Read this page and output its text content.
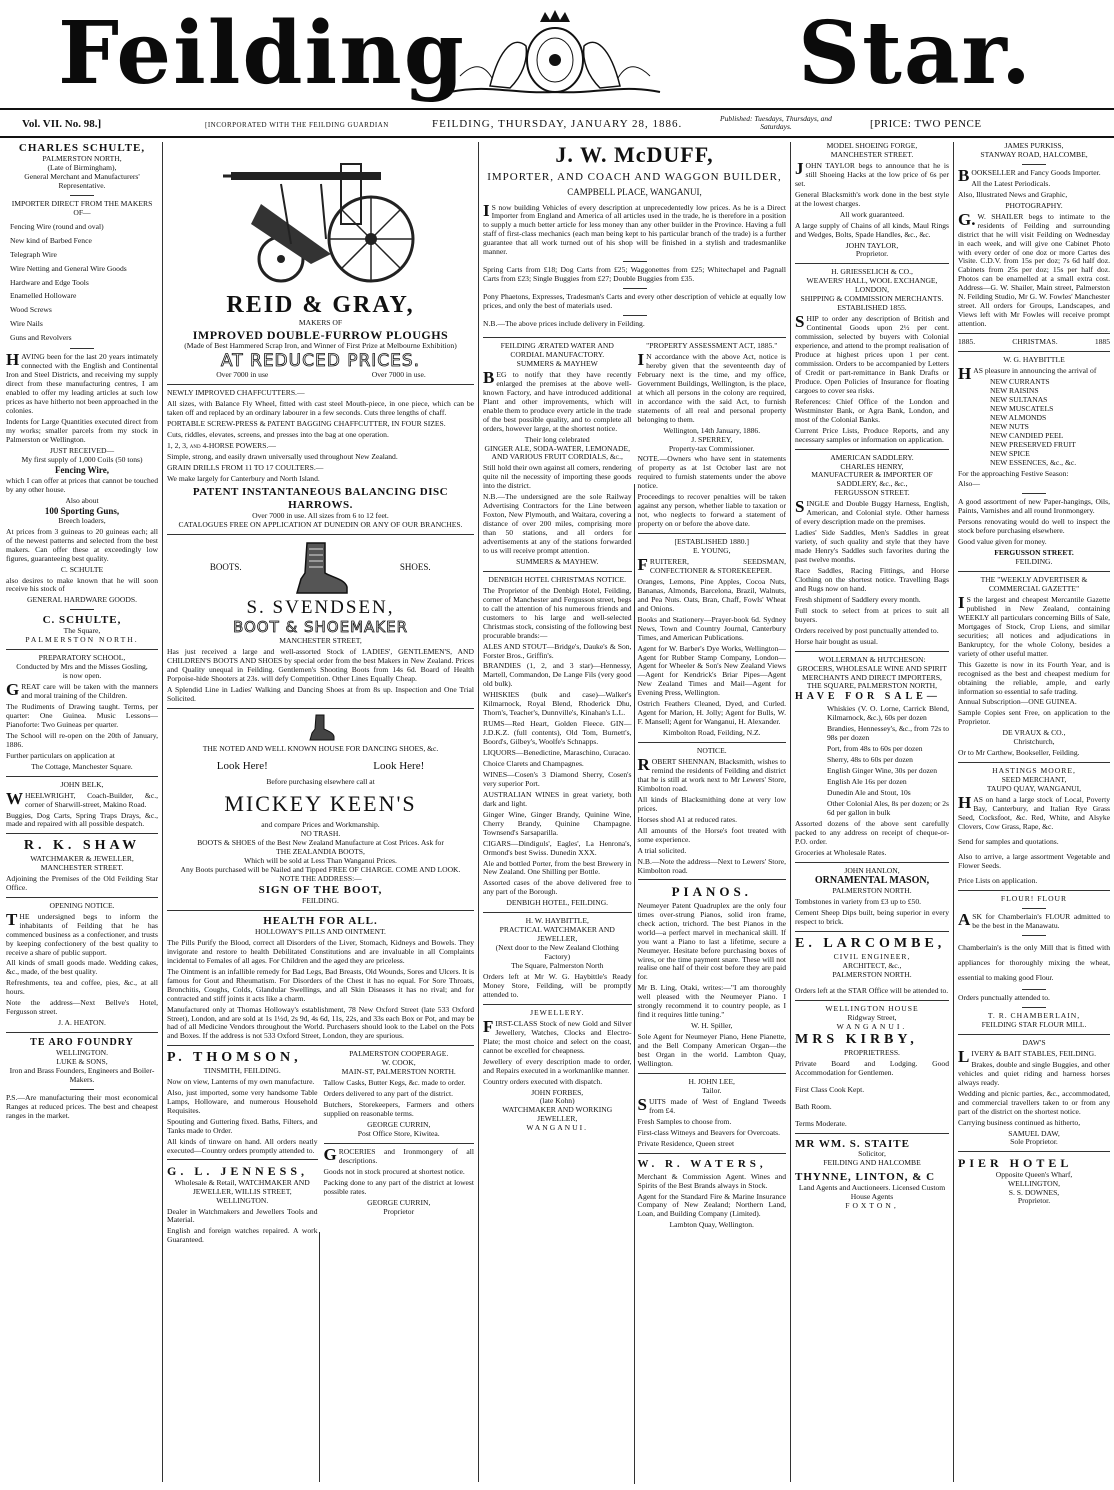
Feilding	Star.
Vol. VII. No. 98.]	[INCORPORATED WITH THE FEILDING GUARDIAN	FEILDING, THURSDAY, JANUARY 28, 1886.	Published: Tuesdays, Thursdays, and Saturdays.	[PRICE: TWO PENCE
CHARLES SCHULTE,
PALMERSTON NORTH,
(Late of Birmingham),
General Merchant and Manufacturers' Representative.
IMPORTER DIRECT FROM THE MAKERS OF—
Fencing Wire (round and oval)
New kind of Barbed Fence
Telegraph Wire
Wire Netting and General Wire Goods
Hardware and Edge Tools
Enamelled Holloware
Wood Screws
Wire Nails
Guns and Revolvers

HAVING been for the last 20 years intimately connected with the English and Continental Iron and Steel Districts, and receiving my supply direct from these manufacturing centres, I am enabled to offer my leading articles at such low prices as have hitherto not been approached in the colonies.

Indents for Large Quantities executed direct from my works; smaller parcels from my stock in Palmerston or Wellington.

JUST RECEIVED—
My first supply of 1,000 Coils (50 tons)
Fencing Wire,

which I can offer at prices that cannot be touched by any other house.

Also about
100 Sporting Guns,
Breech loaders,

At prices from 3 guineas to 20 guineas each; all of the newest patterns and selected from the best makers. Can offer these at exceedingly low figures, guaranteeing best quality.

C. SCHULTE

also desires to make known that he will soon receive his stock of

GENERAL HARDWARE GOODS.
C. SCHULTE,
The Square,
PALMERSTON NORTH.
PREPARATORY SCHOOL,
Conducted by Mrs and the Misses Gosling,
is now open.

GREAT care will be taken with the manners and moral training of the Children.

The Rudiments of Drawing taught. Terms, per quarter: One Guinea. Music Lessons—Pianoforte: Two Guineas per quarter.

The School will re-open on the 20th of January, 1886.

Further particulars on application at

The Cottage, Manchester Square.
JOHN BELK,

WHEELWRIGHT, Coach-Builder, &c., corner of Sharwill-street, Makino Road.

Buggies, Dog Carts, Spring Traps Drays, &c., made and repaired with all possible despatch.

R. K. SHAW
WATCHMAKER & JEWELLER,
MANCHESTER STREET.

Adjoining the Premises of the Old Feilding Star Office.

OPENING NOTICE.

THE undersigned begs to inform the inhabitants of Feilding that he has commenced business as a confectioner, and trusts by keeping confectionery of the best quality to receive a share of public support.

All kinds of small goods made. Wedding cakes, &c., made, of the best quality.

Refreshments, tea and coffee, pies, &c., at all hours.

Note the address—Next Bellve's Hotel, Fergusson street.

J. A. HEATON.
TE ARO FOUNDRY
WELLINGTON.
LUKE & SONS,
Iron and Brass Founders, Engineers and Boiler-Makers.

P.S.—Are manufacturing their most economical Ranges at reduced prices. The best and cheapest ranges in the market.

REID & GRAY,
MAKERS OF
IMPROVED DOUBLE-FURROW PLOUGHS
(Made of Best Hammered Scrap Iron, and Winner of First Prize at Melbourne Exhibition)
AT REDUCED PRICES.
Over 7000 in use	Over 7000 in use.
NEWLY IMPROVED CHAFFCUTTERS.—

All sizes, with Balance Fly Wheel, fitted with cast steel Mouth-piece, in one piece, which can be taken off and replaced by an ordinary labourer in a few seconds. Cuts three lengths of chaff.

PORTABLE SCREW-PRESS & PATENT BAGGING CHAFFCUTTER, IN FOUR SIZES.

Cuts, riddles, elevates, screens, and presses into the bag at one operation.

1, 2, 3, and 4-HORSE POWERS.—

Simple, strong, and easily drawn universally used throughout New Zealand.

GRAIN DRILLS FROM 11 TO 17 COULTERS.—

We make largely for Canterbury and North Island.

PATENT INSTANTANEOUS BALANCING DISC HARROWS.
Over 7000 in use. All sizes from 6 to 12 feet.
CATALOGUES FREE ON APPLICATION AT DUNEDIN OR ANY OF OUR BRANCHES.
BOOTS.	SHOES.
S. SVENDSEN,
BOOT & SHOEMAKER
MANCHESTER STREET,

Has just received a large and well-assorted Stock of LADIES', GENTLEMEN'S, AND CHILDREN'S BOOTS AND SHOES by special order from the best Makers in New Zealand. Prices and Quality unequal in Feilding. Gentlemen's Shooting Boots from 14s 6d. Board of Health Porpoise-hide Shooters at 23s. will defy Competition. Other Lines Equally Cheap.

A Splendid Line in Ladies' Walking and Dancing Shoes at from 8s up. Inspection and One Trial Solicited.

THE NOTED AND WELL KNOWN HOUSE FOR DANCING SHOES, &c.
Look Here!	Look Here!
Before purchasing elsewhere call at
MICKEY KEEN'S
and compare Prices and Workmanship.
NO TRASH.
BOOTS & SHOES of the Best New Zealand Manufacture at Cost Prices. Ask for
THE ZEALANDIA BOOTS,
Which will be sold at Less Than Wanganui Prices.
Any Boots purchased will be Nailed and Tipped FREE OF CHARGE. COME AND LOOK.
NOTE THE ADDRESS:—
SIGN OF THE BOOT,
FEILDING.
HEALTH FOR ALL.
HOLLOWAY'S PILLS AND OINTMENT.

The Pills Purify the Blood, correct all Disorders of the Liver, Stomach, Kidneys and Bowels. They invigorate and restore to health Debilitated Constitutions and are invaluable in all Complaints incidental to Females of all ages. For Children and the aged they are priceless.

The Ointment is an infallible remedy for Bad Legs, Bad Breasts, Old Wounds, Sores and Ulcers. It is famous for Gout and Rheumatism. For Disorders of the Chest it has no equal. For Sore Throats, Bronchitis, Coughs, Colds, Glandular Swellings, and all Skin Diseases it has no rival; and for contracted and stiff joints it acts like a charm.

Manufactured only at Thomas Holloway's establishment, 78 New Oxford Street (late 533 Oxford Street), London, and are sold at 1s 1½d, 2s 9d, 4s 6d, 11s, 22s, and 33s each Box or Pot, and may be had of all Medicine Vendors throughout the World. Purchasers should look to the Label on the Pots and Boxes. If the address is not 533 Oxford Street, London, they are spurious.

P. THOMSON,
TINSMITH, FEILDING.

Now on view, Lanterns of my own manufacture.

Also, just imported, some very handsome Table Lamps, Holloware, and numerous Household Requisites.

Spouting and Guttering fixed. Baths, Filters, and Tanks made to Order.

All kinds of tinware on hand. All orders neatly executed—Country orders promptly attended to.

G. L. JENNESS,
Wholesale & Retail, WATCHMAKER AND JEWELLER, WILLIS STREET, WELLINGTON.

Dealer in Watchmakers and Jewellers Tools and Material.

English and foreign watches repaired. A work Guaranteed.

PALMERSTON COOPERAGE.
W. COOK,
MAIN-ST, PALMERSTON NORTH.

Tallow Casks, Butter Kegs, &c. made to order.

Orders delivered to any part of the district.

Butchers, Storekeepers, Farmers and others supplied on reasonable terms.

GEORGE CURRIN,
Post Office Store, Kiwitea.

GROCERIES and Ironmongery of all descriptions.

Goods not in stock procured at shortest notice.

Packing done to any part of the district at lowest possible rates.

GEORGE CURRIN,
Proprietor
J. W. McDUFF,
IMPORTER, AND COACH AND WAGGON BUILDER,
CAMPBELL PLACE, WANGANUI,

IS now building Vehicles of every description at unprecedentedly low prices. As he is a Direct Importer from England and America of all articles used in the trade, he is therefore in a position to supply a much better article for less money than any other builder in the Province. Having a full staff of first-class mechanics (each man being kept to his particular branch of the trade) is a further guarantee that all work turned out of his shop will be finished in a stylish and tradesmanlike manner.

Spring Carts from £18; Dog Carts from £25; Waggonettes from £25; Whitechapel and Pagnall Carts from £23; Single Buggies from £27; Double Buggies from £35.

Pony Phaetons, Expresses, Tradesman's Carts and every other description of vehicle at equally low prices, and only the best of materials used.

N.B.—The above prices include delivery in Feilding.

FEILDING ÆRATED WATER AND CORDIAL MANUFACTORY.
SUMMERS & MAYHEW

BEG to notify that they have recently enlarged the premises at the above well-known Factory, and have introduced additional Plant and other improvements, which will enable them to produce every article in the trade of the best possible quality, and to complete all orders, however large, at the shortest notice.

Their long celebrated
GINGER ALE, SODA-WATER, LEMONADE, AND VARIOUS FRUIT CORDIALS, &c.,

Still hold their own against all comers, rendering quite nil the necessity of importing these goods into the district.

N.B.—The undersigned are the sole Railway Advertising Contractors for the Line between Foxton, New Plymouth, and Waitara, covering a distance of over 200 miles, comprising more than 50 stations, and all orders for advertisements at any of the stations forwarded to us will receive prompt attention.

SUMMERS & MAYHEW.
DENBIGH HOTEL CHRISTMAS NOTICE.

The Proprietor of the Denbigh Hotel, Feilding, corner of Manchester and Fergusson street, begs to call the attention of his numerous friends and customers to his large and well-selected Christmas stock, consisting of the following best procurable brands:—

ALES AND STOUT—Bridge's, Dauke's & Son, Forster Bros., Griffin's.

BRANDIES (1, 2, and 3 star)—Hennessy, Martell, Commandon, De Lange Fils (very good old bulk).

WHISKIES (bulk and case)—Walker's Kilmarnock, Royal Blend, Rhoderick Dhu, Thorn's, Teacher's, Dunnville's, Kinahan's L.L.

RUMS—Red Heart, Golden Fleece. GIN—J.D.K.Z. (full contents), Old Tom, Burnett's, Boord's, Gilbey's, Woolfe's Schnapps.

LIQUORS—Benedictine, Maraschino, Curacao.

Choice Clarets and Champagnes.

WINES—Cosen's 3 Diamond Sherry, Cosen's very superior Port.

AUSTRALIAN WINES in great variety, both dark and light.

Ginger Wine, Ginger Brandy, Quinine Wine, Cherry Brandy, Quinine Champagne. Townsend's Sarsaparilla.

CIGARS—Dindiguls', Eagles', La Henrona's, Ormond's best Swiss. Dunedin XXX.

Ale and bottled Porter, from the best Brewery in New Zealand. One Shilling per Bottle.

Assorted cases of the above delivered free to any part of the Borough.

DENBIGH HOTEL, FEILDING.
H. W. HAYBITTLE,
PRACTICAL WATCHMAKER AND JEWELLER,
(Next door to the New Zealand Clothing Factory)
The Square, Palmerston North

Orders left at Mr W. G. Haybittle's Ready Money Store, Feilding, will be promptly attended to.

JEWELLERY.

FIRST-CLASS Stock of new Gold and Silver Jewellery, Watches, Clocks and Electro-Plate; the most choice and select on the coast, cannot be excelled for cheapness.

Jewellery of every description made to order, and Repairs executed in a workmanlike manner.

Country orders executed with dispatch.

JOHN FORBES,
(late Kohn)
WATCHMAKER AND WORKING JEWELLER,
WANGANUI.
"PROPERTY ASSESSMENT ACT, 1885."

IN accordance with the above Act, notice is hereby given that the seventeenth day of February next is the time, and my office, Government Buildings, Wellington, is the place, at which all persons in the colony are required, in accordance with the said Act, to furnish statements of all real and personal property belonging to them.

Wellington, 14th January, 1886.
J. SPERREY,
Property-tax Commissioner.

NOTE.—Owners who have sent in statements of property as at 1st October last are not required to furnish statements under the above notice.

Proceedings to recover penalties will be taken against any person, whether liable to taxation or not, who neglects to forward a statement of property on or before the above date.

[ESTABLISHED 1880.]
E. YOUNG,

FRUITERER, SEEDSMAN, CONFECTIONER & STOREKEEPER.

Oranges, Lemons, Pine Apples, Cocoa Nuts, Bananas, Almonds, Barcelona, Brazil, Walnuts, and Pea Nuts. Oats, Bran, Chaff, Fowls' Wheat and Onions.

Books and Stationery—Prayer-book 6d. Sydney News, Town and Country Journal, Canterbury Times, and American Publications.

Agent for W. Barber's Dye Works, Wellington—Agent for Rubber Stamp Company, London—Agent for Wheeler & Son's New Zealand Views—Agent for Kendrick's Briar Pipes—Agent New Zealand Times and Mail—Agent for Evening Press, Wellington.

Ostrich Feathers Cleaned, Dyed, and Curled. Agent for Marion, H. Jolly; Agent for Bulls, W. F. Mansell; Agent for Wanganui, H. Alexander.

Kimbolton Road, Feilding, N.Z.
NOTICE.

ROBERT SHENNAN, Blacksmith, wishes to remind the residents of Feilding and district that he is still at work next to Mr Lewers' Store, Kimbolton road.

All kinds of Blacksmithing done at very low prices.

Horses shod A1 at reduced rates.

All amounts of the Horse's foot treated with some experience.

A trial solicited.

N.B.—Note the address—Next to Lewers' Store, Kimbolton road.

PIANOS.

Neumeyer Patent Quadruplex are the only four times over-strung Pianos, solid iron frame, check action, trichord. The best Pianos in the world—a perfect marvel in mechanical skill. If you want a Piano to last a lifetime, secure a Neumeyer. Hesitate before purchasing boxes of wires, or the time payment snare. These will not realise one half of their cost before they are paid for.

Mr B. Ling, Otaki, writes:—"I am thoroughly well pleased with the Neumeyer Piano. I strongly recommend it to country people, as I find it requires little tuning."

W. H. Spiller,

Sole Agent for Neumeyer Piano, Hene Pianette, and the Bell Company American Organ—the best Organ in the world. Lambton Quay, Wellington.

H. JOHN LEE,
Tailor.

SUITS made of West of England Tweeds from £4.

Fresh Samples to choose from.

First-class Witneys and Beavers for Overcoats.

Private Residence, Queen street

W. R. WATERS,

Merchant & Commission Agent. Wines and Spirits of the Best Brands always in Stock.

Agent for the Standard Fire & Marine Insurance Company of New Zealand; Northern Land, Loan, and Building Company (Limited).

Lambton Quay, Wellington.
MODEL SHOEING FORGE,
MANCHESTER STREET.

JOHN TAYLOR begs to announce that he is still Shoeing Hacks at the low price of 6s per set.

General Blacksmith's work done in the best style at the lowest charges.

All work guaranteed.

A large supply of Chains of all kinds, Maul Rings and Wedges, Bolts, Spade Handles, &c., &c.

JOHN TAYLOR,
Proprietor.
H. GRIESSELICH & CO.,
WEAVERS' HALL, WOOL EXCHANGE, LONDON,
SHIPPING & COMMISSION MERCHANTS. ESTABLISHED 1855.

SHIP to order any description of British and Continental Goods upon 2½ per cent. commission, selected by buyers with Colonial experience, and attend to the prompt realisation of Produce at highest prices upon 1 per cent. commission. Orders to be accompanied by Letters of Credit or part-remittance in Bank Drafts or Produce. Open Policies of Insurance for floating cargoes to cover sea risks.

References: Chief Office of the London and Westminster Bank, or Agra Bank, London, and most of the Colonial Banks.

Current Price Lists, Produce Reports, and any necessary samples or information on application.

AMERICAN SADDLERY.
CHARLES HENRY,
MANUFACTURER & IMPORTER OF SADDLERY, &c., &c.,
FERGUSSON STREET.

SINGLE and Double Buggy Harness, English, American, and Colonial style. Other harness of every description made on the premises.

Ladies' Side Saddles, Men's Saddles in great variety, of such quality and style that they have made Henry's Saddles such favorites during the past twelve months.

Race Saddles, Racing Fittings, and Horse Clothing on the shortest notice. Travelling Bags and Rugs now on hand.

Fresh shipment of Saddlery every month.

Full stock to select from at prices to suit all buyers.

Orders received by post punctually attended to.

Horse hair bought as usual.

WOLLERMAN & HUTCHESON:
GROCERS, WHOLESALE WINE AND SPIRIT MERCHANTS AND DIRECT IMPORTERS,
THE SQUARE, PALMERSTON NORTH,
HAVE FOR SALE—
Whiskies (V. O. Lorne, Carrick Blend, Kilmarnock, &c.), 60s per dozen
Brandies, Hennessey's, &c., from 72s to 98s per dozen
Port, from 48s to 60s per dozen
Sherry, 48s to 60s per dozen
English Ginger Wine, 30s per dozen
English Ale 16s per dozen
Dunedin Ale and Stout, 10s
Other Colonial Ales, 8s per dozen; or 2s 6d per gallon in bulk

Assorted dozens of the above sent carefully packed to any address on receipt of cheque-or-P.O. order.

Groceries at Wholesale Rates.

JOHN HANLON,
ORNAMENTAL MASON,
PALMERSTON NORTH.

Tombstones in variety from £3 up to £50.

Cement Sheep Dips built, being superior in every respect to brick.

E. LARCOMBE,
CIVIL ENGINEER,
ARCHITECT, &c.,
PALMERSTON NORTH.

Orders left at the STAR Office will be attended to.

WELLINGTON HOUSE
Ridgway Street,
WANGANUI.
MRS KIRBY,
PROPRIETRESS.

Private Board and Lodging. Good Accommodation for Gentlemen.

First Class Cook Kept.

Bath Room.

Terms Moderate.

MR WM. S. STAITE
Solicitor,
FEILDING AND HALCOMBE
THYNNE, LINTON, & C
Land Agents and Auctioneers. Licensed Custom House Agents
FOXTON,
JAMES PURKISS,
STANWAY ROAD, HALCOMBE,

BOOKSELLER and Fancy Goods Importer.

All the Latest Periodicals.

Also, Illustrated News and Graphic,

PHOTOGRAPHY.

G.W. SHAILER begs to intimate to the residents of Feilding and surrounding district that he will visit Feilding on Wednesday in each week, and will give one Cabinet Photo with every order of one doz or more Cartes des Visite. C.D.V. from 15s per doz; 7s 6d half doz. Cabinets from 25s per doz; 15s per half doz. Photos can be enamelled at a small extra cost. Address—G. W. Shailer, Main street, Palmerston N. Feilding Studio, Mr G. W. Fowles' Manchester street. All orders for Groups, Landscapes, and Views left with Mr Fowles will receive prompt attention.

1885.	CHRISTMAS.	1885
W. G. HAYBITTLE

HAS pleasure in announcing the arrival of

NEW CURRANTS
NEW RAISINS
NEW SULTANAS
NEW MUSCATELS
NEW ALMONDS
NEW NUTS
NEW CANDIED PEEL
NEW PRESERVED FRUIT
NEW SPICE
NEW ESSENCES, &c., &c.

For the approaching Festive Season:

Also—

A good assortment of new Paper-hangings, Oils, Paints, Varnishes and all round Ironmongery.

Persons renovating would do well to inspect the stock before purchasing elsewhere.

Good value given for money.

FERGUSSON STREET.
FEILDING.
THE "WEEKLY ADVERTISER & COMMERCIAL GAZETTE"

IS the largest and cheapest Mercantile Gazette published in New Zealand, containing WEEKLY all particulars concerning Bills of Sale, Mortgages of Stock, Crop Liens, and similar securities; all notices and adjudications in Bankruptcy, for the whole Colony, besides a variety of other useful matter.

This Gazette is now in its Fourth Year, and is recognised as the best and cheapest medium for obtaining the reliable, ample, and early information so essential to safe trading.

Annual Subscription—ONE GUINEA.

Sample Copies sent Free, on application to the Proprietor.

DE VRAUX & CO.,
Christchurch,

Or to Mr Carthew, Bookseller, Feilding.

HASTINGS MOORE,
SEED MERCHANT,
TAUPO QUAY, WANGANUI,

HAS on hand a large stock of Local, Poverty Bay, Canterbury, and Italian Rye Grass Seed, Cocksfoot, &c. Red, White, and Alsyke Clovers, Cow Grass, Rape, &c.

Send for samples and quotations.

Also to arrive, a large assortment Vegetable and Flower Seeds.

Price Lists on application.

FLOUR! FLOUR

ASK for Chamberlain's FLOUR admitted to be the best in the Manawatu.

Chamberlain's is the only Mill that is fitted with appliances for thoroughly mixing the wheat, essential to making good Flour.

Orders punctually attended to.

T. R. CHAMBERLAIN,
FEILDING STAR FLOUR MILL.
DAW'S

LIVERY & BAIT STABLES, FEILDING.

Brakes, double and single Buggies, and other vehicles and quiet riding and harness horses always ready.

Wedding and picnic parties, &c., accommodated, and commercial travellers taken to or from any part of the district on the shortest notice.

Carrying business continued as hitherto,

SAMUEL DAW,
Sole Proprietor.
PIER HOTEL
Opposite Queen's Wharf,
WELLINGTON,
S. S. DOWNES,
Proprietor.
